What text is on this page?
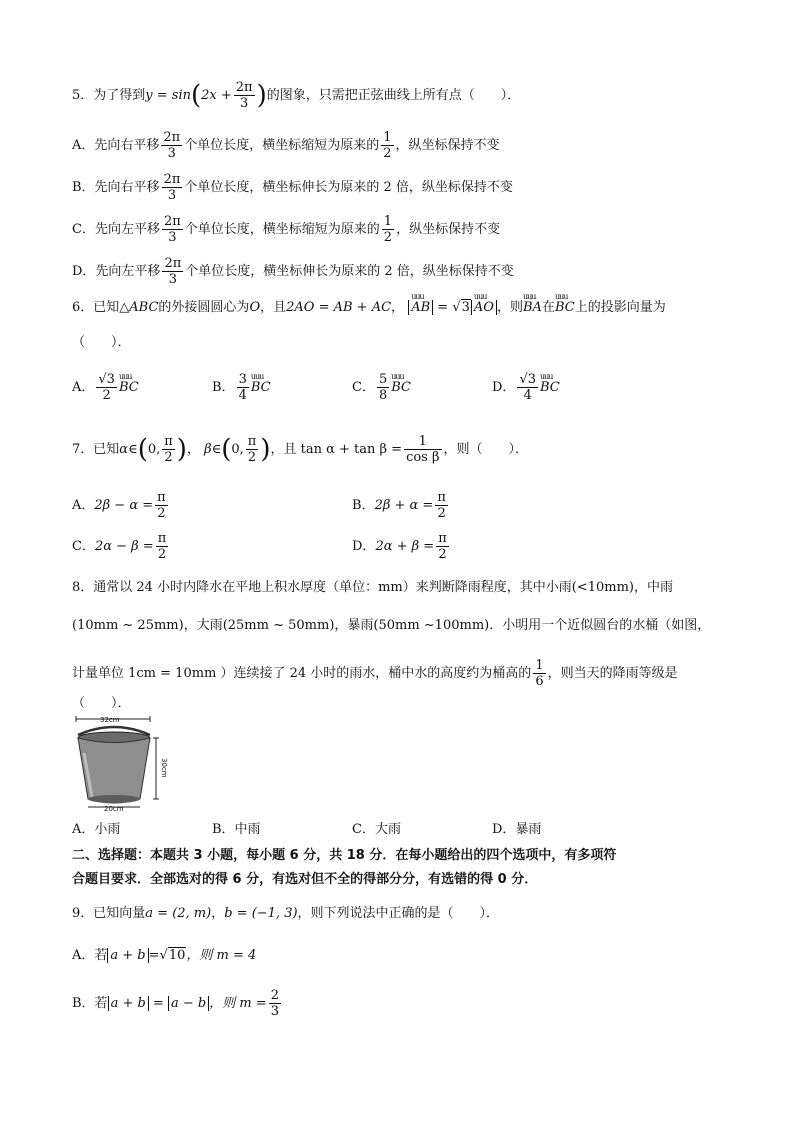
5．为了得到$y = \sin(2x + \frac{2\pi}{3}$ )的图象，只需把正弦曲线上所有点（　　）．
A．先向右平移 $\frac{2\pi}{3}$ 个单位长度，横坐标缩短为原来的 $\frac{1}{2}$ ，纵坐标保持不变
B．先向右平移 $\frac{2\pi}{3}$ 个单位长度，横坐标伸长为原来的 2 倍，纵坐标保持不变
C．先向左平移 $\frac{2\pi}{3}$ 个单位长度，横坐标缩短为原来的 $\frac{1}{2}$ ，纵坐标保持不变
D．先向左平移 $\frac{2\pi}{3}$ 个单位长度，横坐标伸长为原来的 2 倍，纵坐标保持不变
6．已知△ABC的外接圆圆心为O，且2AO = AB + AC， uuu AB = √ 3 uuu AO ，则uuu BA在uuu BC上的投影向量为
（　　）．
A． $\frac{√3}{2}$ uuu BC	B． $\frac{3}{4}$ uuu BC	C． $\frac{5}{8}$ uuu BC	D． $\frac{√3}{4}$ uuu BC
7．已知α∈(0, $\frac{\pi}{2}$ )， β∈(0, $\frac{\pi}{2}$ )，且 $\tan \alpha + \tan \beta = \frac{1}{\text{cos β}}$ ，则（　　）．
A．$2\beta - \alpha = \frac{\pi}{2}$	B．$2\beta + \alpha = \frac{\pi}{2}$
C．$2\alpha - \beta = \frac{\pi}{2}$	D．$2\alpha + \beta = \frac{\pi}{2}$
8．通常以 24 小时内降水在平地上积水厚度（单位：mm）来判断降雨程度，其中小雨(<10mm)，中雨
(10mm ~ 25mm)，大雨(25mm ~ 50mm)，暴雨(50mm ~100mm)．小明用一个近似圆台的水桶（如图，
计量单位 1cm = 10mm ）连续接了 24 小时的雨水，桶中水的高度约为桶高的 $\frac{1}{6}$ ，则当天的降雨等级是
（　　）．
32cm
30cm
20cm
A．小雨	B．中雨	C．大雨	D．暴雨
二、选择题：本题共 3 小题，每小题 6 分，共 18 分．在每小题给出的四个选项中，有多项符
合题目要求．全部选对的得 6 分，有选对但不全的得部分分，有选错的得 0 分．
9．已知向量a = (2, m)，b = (−1, 3)，则下列说法中正确的是（　　）．
A．若 a + b = √ 10，则 m = 4
B．若 a + b = a − b ，则 $m = \frac{2}{3}$
